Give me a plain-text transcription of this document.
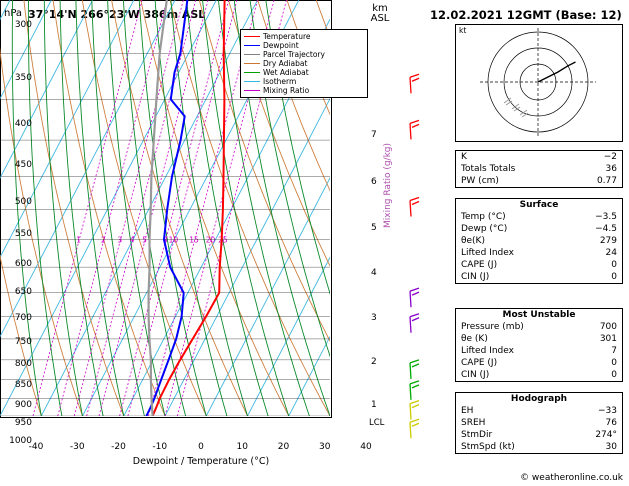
hPa 37°14'N 266°23'W 386m ASL	km
ASL	12.02.2021 12GMT (Base: 12)
1	2 3 4 5 8 10 15 20 25
300
350
400
450
500
550
600
650
700
750
800
850
900
950
1000
-40	-30	-20	-10	0	10	20	30	40
Dewpoint / Temperature (°C)
1
2
3
4
5
6
7
LCL
Mixing Ratio (g/kg)
Temperature
Dewpoint
Parcel Trajectory
Dry Adiabat
Wet Adiabat
Isotherm
Mixing Ratio
kt
K	−2
Totals Totals	36
PW (cm)	0.77
Surface
Temp (°C)	−3.5
Dewp (°C)	−4.5
θe(K)	279
Lifted Index	24
CAPE (J)	0
CIN (J)	0
Most Unstable
Pressure (mb)	700
θe (K)	301
Lifted Index	7
CAPE (J)	0
CIN (J)	0
Hodograph
EH	−33
SREH	76
StmDir	274°
StmSpd (kt)	30
© weatheronline.co.uk
